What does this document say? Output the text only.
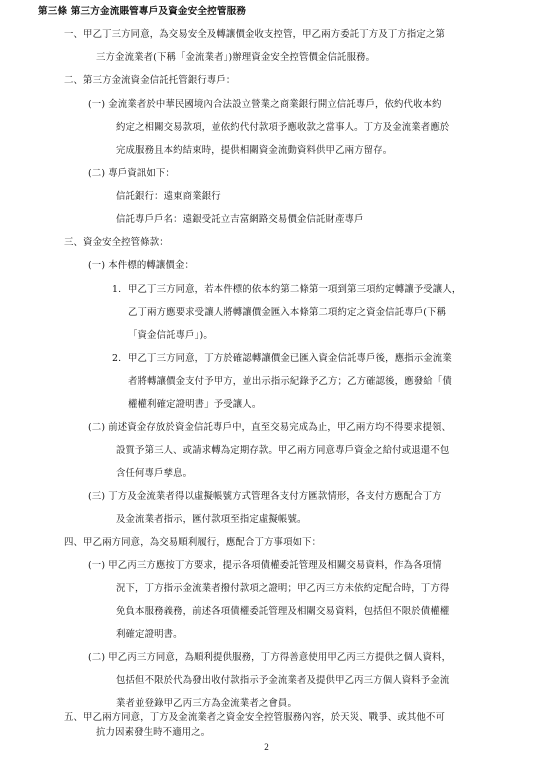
第三條 第三方金流賬管專戶及資金安全控管服務
一、甲乙丁三方同意，為交易安全及轉讓價金收支控管，甲乙兩方委託丁方及丁方指定之第
三方金流業者(下稱「金流業者」)辦理資金安全控管價金信託服務。
二、第三方金流資金信託托管銀行專戶：
(一) 金流業者於中華民國境內合法設立營業之商業銀行開立信託專戶，依約代收本約
約定之相關交易款項，並依約代付款項予應收款之當事人。丁方及金流業者應於
完成服務且本約結束時，提供相關資金流動資料供甲乙兩方留存。
(二) 專戶資訊如下：
信託銀行：遠東商業銀行
信託專戶戶名：遠銀受託立吉富網路交易價金信託財產專戶
三、資金安全控管條款：
(一) 本件標的轉讓價金：
1. 甲乙丁三方同意，若本件標的依本約第二條第一項到第三項約定轉讓予受讓人，
乙丁兩方應要求受讓人將轉讓價金匯入本條第二項約定之資金信託專戶(下稱
「資金信託專戶」)。
2. 甲乙丁三方同意，丁方於確認轉讓價金已匯入資金信託專戶後，應指示金流業
者將轉讓價金支付予甲方，並出示指示紀錄予乙方；乙方確認後，應發給「債
權權利確定證明書」予受讓人。
(二) 前述資金存放於資金信託專戶中，直至交易完成為止，甲乙兩方均不得要求提領、
設質予第三人、或請求轉為定期存款。甲乙兩方同意專戶資金之給付或退還不包
含任何專戶孳息。
(三) 丁方及金流業者得以虛擬帳號方式管理各支付方匯款情形，各支付方應配合丁方
及金流業者指示，匯付款項至指定虛擬帳號。
四、甲乙兩方同意，為交易順利履行，應配合丁方事項如下：
(一) 甲乙丙三方應按丁方要求，提示各項債權委託管理及相關交易資料，作為各項情
況下，丁方指示金流業者撥付款項之證明；甲乙丙三方未依約定配合時，丁方得
免負本服務義務，前述各項債權委託管理及相關交易資料，包括但不限於債權權
利確定證明書。
(二) 甲乙丙三方同意，為順利提供服務，丁方得善意使用甲乙丙三方提供之個人資料，
包括但不限於代為發出收付款指示予金流業者及提供甲乙丙三方個人資料予金流
業者並登錄甲乙丙三方為金流業者之會員。
五、甲乙兩方同意，丁方及金流業者之資金安全控管服務內容，於天災、戰爭、或其他不可
抗力因素發生時不適用之。
2
